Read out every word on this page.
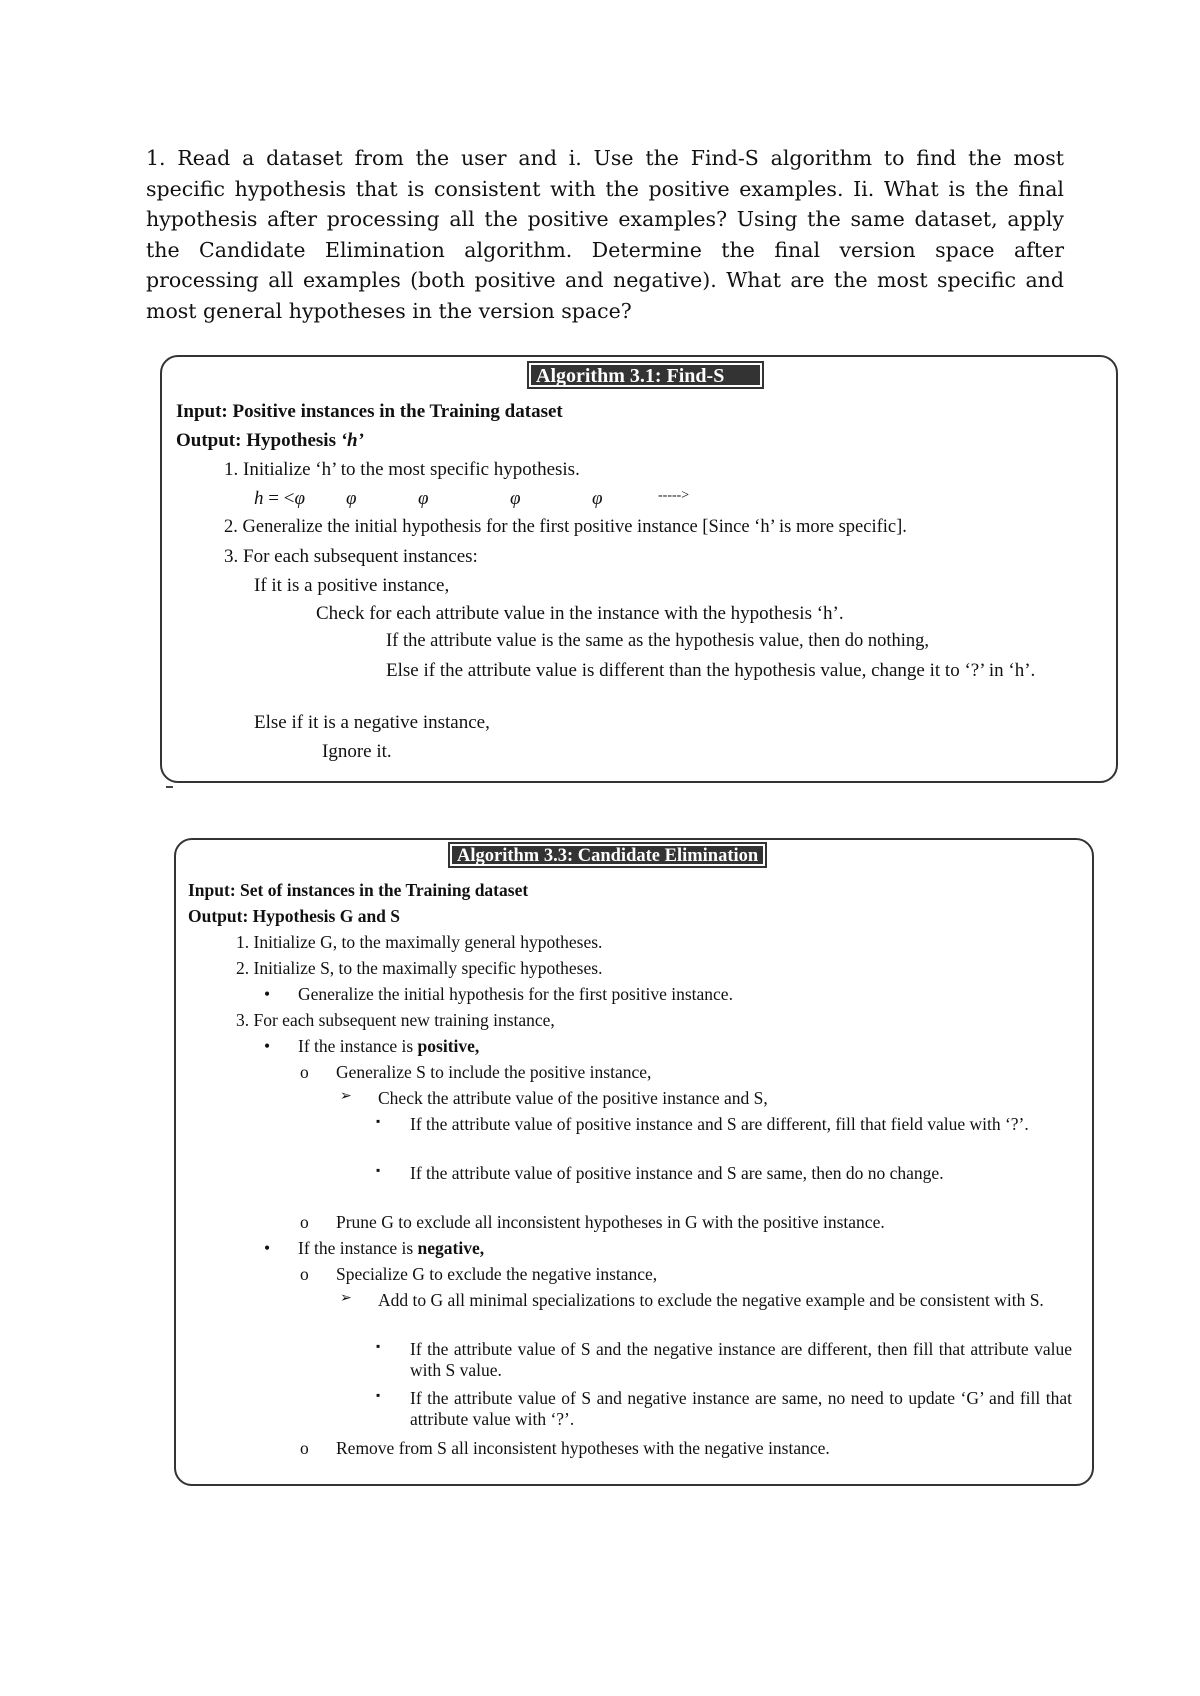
1. Read a dataset from the user and i. Use the Find-S algorithm to find the most specific hypothesis that is consistent with the positive examples. Ii. What is the final hypothesis after processing all the positive examples? Using the same dataset, apply the Candidate Elimination algorithm. Determine the final version space after processing all examples (both positive and negative). What are the most specific and most general hypotheses in the version space?
Algorithm 3.1: Find-S
Input: Positive instances in the Training dataset
Output: Hypothesis ‘h’
1. Initialize ‘h’ to the most specific hypothesis.
h = <φ φ	φ	φ	φ	----->
2. Generalize the initial hypothesis for the first positive instance [Since ‘h’ is more specific].
3. For each subsequent instances:
If it is a positive instance,
Check for each attribute value in the instance with the hypothesis ‘h’.
If the attribute value is the same as the hypothesis value, then do nothing,
Else if the attribute value is different than the hypothesis value, change it to ‘?’ in ‘h’.
Else if it is a negative instance,
Ignore it.
Algorithm 3.3: Candidate Elimination
Input: Set of instances in the Training dataset
Output: Hypothesis G and S
1. Initialize G, to the maximally general hypotheses.
2. Initialize S, to the maximally specific hypotheses.
• Generalize the initial hypothesis for the first positive instance.
3. For each subsequent new training instance,
• If the instance is positive,
o Generalize S to include the positive instance,
➢ Check the attribute value of the positive instance and S,
▪ If the attribute value of positive instance and S are different, fill that field value with ‘?’.
▪ If the attribute value of positive instance and S are same, then do no change.
o Prune G to exclude all inconsistent hypotheses in G with the positive instance.
• If the instance is negative,
o Specialize G to exclude the negative instance,
➢ Add to G all minimal specializations to exclude the negative example and be consistent with S.
▪ If the attribute value of S and the negative instance are different, then fill that attribute value with S value.
▪ If the attribute value of S and negative instance are same, no need to update ‘G’ and fill that attribute value with ‘?’.
o Remove from S all inconsistent hypotheses with the negative instance.
